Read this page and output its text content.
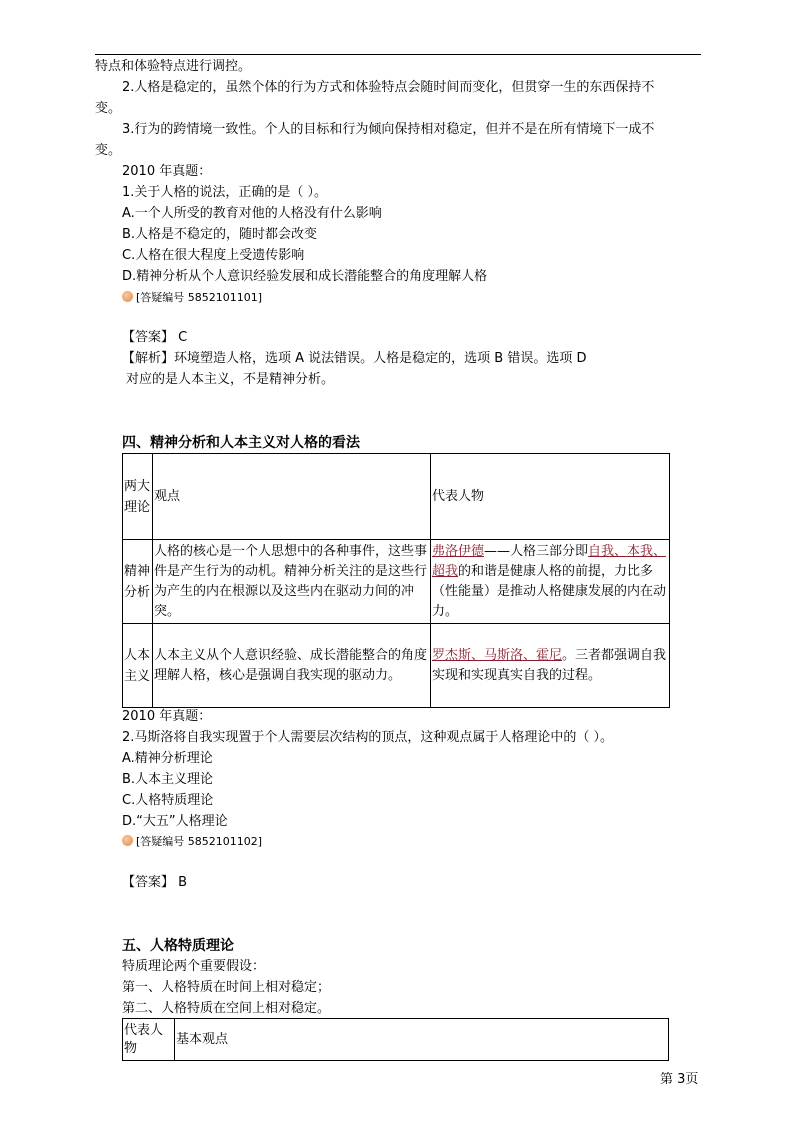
特点和体验特点进行调控。
2.人格是稳定的，虽然个体的行为方式和体验特点会随时间而变化，但贯穿一生的东西保持不
变。
3.行为的跨情境一致性。个人的目标和行为倾向保持相对稳定，但并不是在所有情境下一成不
变。
2010 年真题：
1.关于人格的说法，正确的是（ ）。
A.一个人所受的教育对他的人格没有什么影响
B.人格是不稳定的，随时都会改变
C.人格在很大程度上受遗传影响
D.精神分析从个人意识经验发展和成长潜能整合的角度理解人格
[答疑编号 5852101101]
【答案】 C
【解析】环境塑造人格，选项 A 说法错误。人格是稳定的，选项 B 错误。选项 D
对应的是人本主义，不是精神分析。
四、精神分析和人本主义对人格的看法
两大理论	观点	代表人物
精神分析	人格的核心是一个人思想中的各种事件，这些事件是产生行为的动机。精神分析关注的是这些行为产生的内在根源以及这些内在驱动力间的冲突。	弗洛伊德——人格三部分即自我、本我、超我的和谐是健康人格的前提，力比多（性能量）是推动人格健康发展的内在动力。
人本主义	人本主义从个人意识经验、成长潜能整合的角度理解人格，核心是强调自我实现的驱动力。	罗杰斯、马斯洛、霍尼。三者都强调自我实现和实现真实自我的过程。
2010 年真题：
2.马斯洛将自我实现置于个人需要层次结构的顶点，这种观点属于人格理论中的（ ）。
A.精神分析理论
B.人本主义理论
C.人格特质理论
D.“大五”人格理论
[答疑编号 5852101102]
【答案】 B
五、人格特质理论
特质理论两个重要假设：
第一、人格特质在时间上相对稳定；
第二、人格特质在空间上相对稳定。
代表人物	基本观点
第 3页
